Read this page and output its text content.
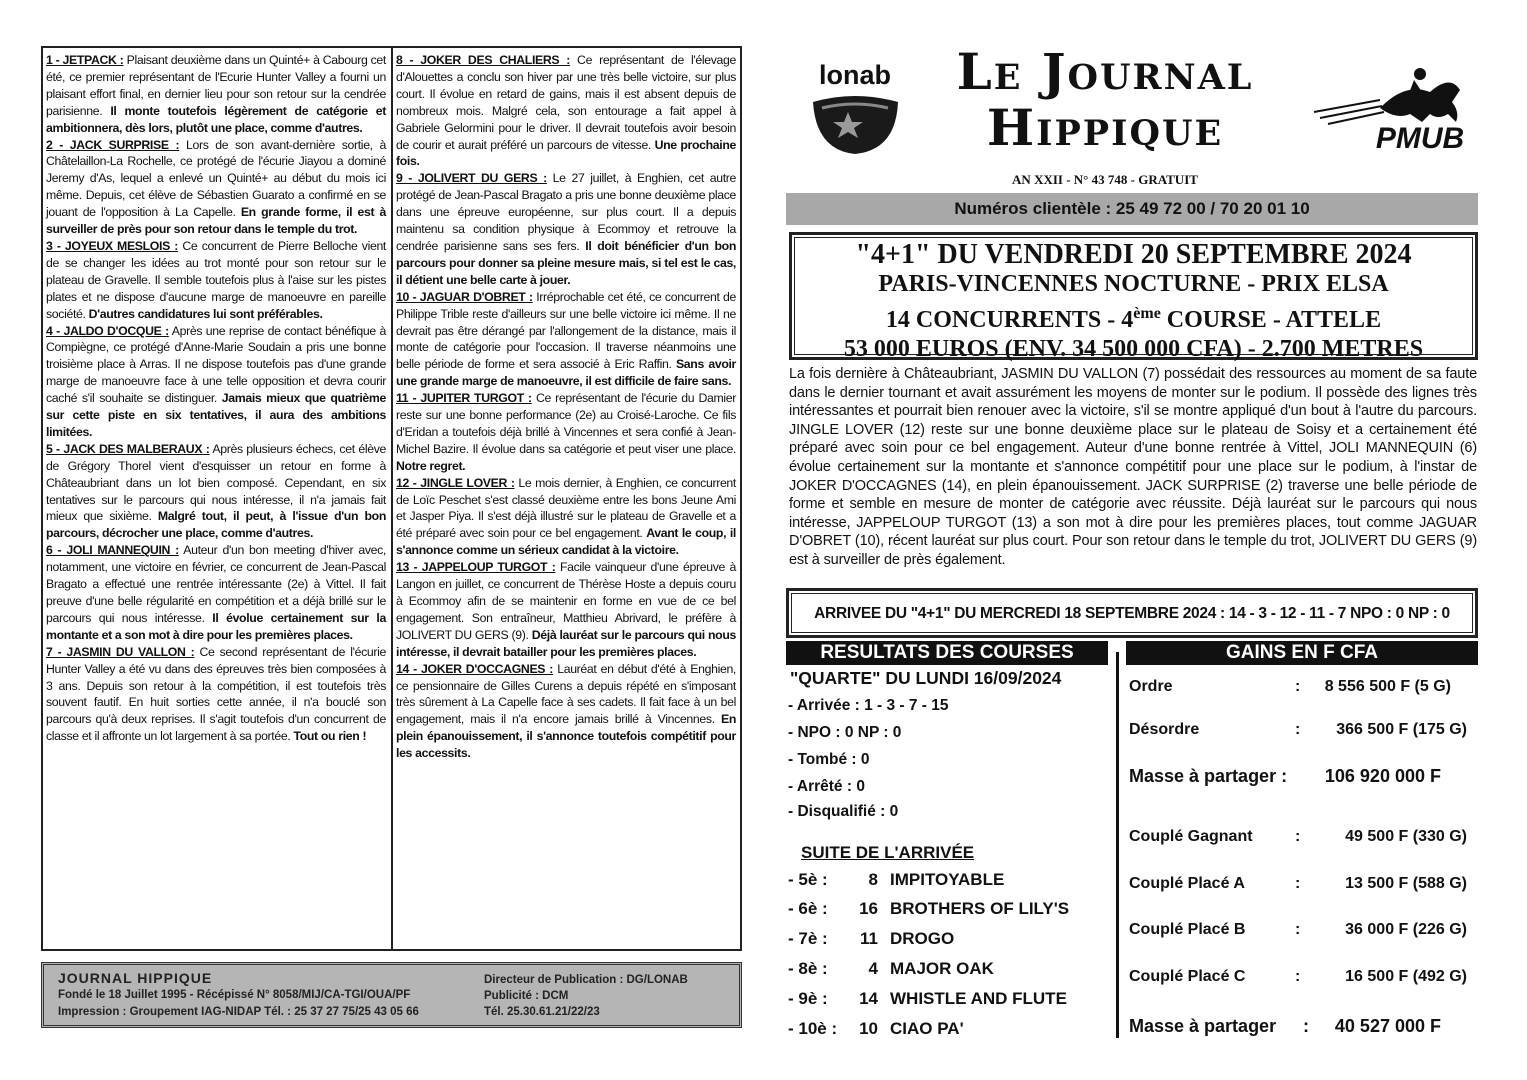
1 - JETPACK : Plaisant deuxième dans un Quinté+ à Cabourg cet été, ce premier représentant de l'Ecurie Hunter Valley a fourni un plaisant effort final, en dernier lieu pour son retour sur la cendrée parisienne. Il monte toutefois légèrement de catégorie et ambitionnera, dès lors, plutôt une place, comme d'autres.

2 - JACK SURPRISE : Lors de son avant-dernière sortie, à Châtelaillon-La Rochelle, ce protégé de l'écurie Jiayou a dominé Jeremy d'As, lequel a enlevé un Quinté+ au début du mois ici même. Depuis, cet élève de Sébastien Guarato a confirmé en se jouant de l'opposition à La Capelle. En grande forme, il est à surveiller de près pour son retour dans le temple du trot.

3 - JOYEUX MESLOIS : Ce concurrent de Pierre Belloche vient de se changer les idées au trot monté pour son retour sur le plateau de Gravelle. Il semble toutefois plus à l'aise sur les pistes plates et ne dispose d'aucune marge de manoeuvre en pareille société. D'autres candidatures lui sont préférables.

4 - JALDO D'OCQUE : Après une reprise de contact bénéfique à Compiègne, ce protégé d'Anne-Marie Soudain a pris une bonne troisième place à Arras. Il ne dispose toutefois pas d'une grande marge de manoeuvre face à une telle opposition et devra courir caché s'il souhaite se distinguer. Jamais mieux que quatrième sur cette piste en six tentatives, il aura des ambitions limitées.

5 - JACK DES MALBERAUX : Après plusieurs échecs, cet élève de Grégory Thorel vient d'esquisser un retour en forme à Châteaubriant dans un lot bien composé. Cependant, en six tentatives sur le parcours qui nous intéresse, il n'a jamais fait mieux que sixième. Malgré tout, il peut, à l'issue d'un bon parcours, décrocher une place, comme d'autres.

6 - JOLI MANNEQUIN : Auteur d'un bon meeting d'hiver avec, notamment, une victoire en février, ce concurrent de Jean-Pascal Bragato a effectué une rentrée intéressante (2e) à Vittel. Il fait preuve d'une belle régularité en compétition et a déjà brillé sur le parcours qui nous intéresse. Il évolue certainement sur la montante et a son mot à dire pour les premières places.

7 - JASMIN DU VALLON : Ce second représentant de l'écurie Hunter Valley a été vu dans des épreuves très bien composées à 3 ans. Depuis son retour à la compétition, il est toutefois très souvent fautif. En huit sorties cette année, il n'a bouclé son parcours qu'à deux reprises. Il s'agit toutefois d'un concurrent de classe et il affronte un lot largement à sa portée. Tout ou rien !

8 - JOKER DES CHALIERS : Ce représentant de l'élevage d'Alouettes a conclu son hiver par une très belle victoire, sur plus court. Il évolue en retard de gains, mais il est absent depuis de nombreux mois. Malgré cela, son entourage a fait appel à Gabriele Gelormini pour le driver. Il devrait toutefois avoir besoin de courir et aurait préféré un parcours de vitesse. Une prochaine fois.

9 - JOLIVERT DU GERS : Le 27 juillet, à Enghien, cet autre protégé de Jean-Pascal Bragato a pris une bonne deuxième place dans une épreuve européenne, sur plus court. Il a depuis maintenu sa condition physique à Ecommoy et retrouve la cendrée parisienne sans ses fers. Il doit bénéficier d'un bon parcours pour donner sa pleine mesure mais, si tel est le cas, il détient une belle carte à jouer.

10 - JAGUAR D'OBRET : Irréprochable cet été, ce concurrent de Philippe Trible reste d'ailleurs sur une belle victoire ici même. Il ne devrait pas être dérangé par l'allongement de la distance, mais il monte de catégorie pour l'occasion. Il traverse néanmoins une belle période de forme et sera associé à Eric Raffin. Sans avoir une grande marge de manoeuvre, il est difficile de faire sans.

11 - JUPITER TURGOT : Ce représentant de l'écurie du Damier reste sur une bonne performance (2e) au Croisé-Laroche. Ce fils d'Eridan a toutefois déjà brillé à Vincennes et sera confié à Jean-Michel Bazire. Il évolue dans sa catégorie et peut viser une place. Notre regret.

12 - JINGLE LOVER : Le mois dernier, à Enghien, ce concurrent de Loïc Peschet s'est classé deuxième entre les bons Jeune Ami et Jasper Piya. Il s'est déjà illustré sur le plateau de Gravelle et a été préparé avec soin pour ce bel engagement. Avant le coup, il s'annonce comme un sérieux candidat à la victoire.

13 - JAPPELOUP TURGOT : Facile vainqueur d'une épreuve à Langon en juillet, ce concurrent de Thérèse Hoste a depuis couru à Ecommoy afin de se maintenir en forme en vue de ce bel engagement. Son entraîneur, Matthieu Abrivard, le préfère à JOLIVERT DU GERS (9). Déjà lauréat sur le parcours qui nous intéresse, il devrait batailler pour les premières places.

14 - JOKER D'OCCAGNES : Lauréat en début d'été à Enghien, ce pensionnaire de Gilles Curens a depuis répété en s'imposant très sûrement à La Capelle face à ses cadets. Il fait face à un bel engagement, mais il n'a encore jamais brillé à Vincennes. En plein épanouissement, il s'annonce toutefois compétitif pour les accessits.

JOURNAL HIPPIQUE
Fondé le 18 Juillet 1995 - Récépissé N° 8058/MIJ/CA-TGI/OUA/PF
Impression : Groupement IAG-NIDAP Tél. : 25 37 27 75/25 43 05 66
Directeur de Publication : DG/LONAB
Publicité : DCM
Tél. 25.30.61.21/22/23
lonab	Le Journal
Hippique	PMUB
AN XXII - N° 43 748 - GRATUIT
Numéros clientèle : 25 49 72 00 / 70 20 01 10
"4+1" DU VENDREDI 20 SEPTEMBRE 2024
PARIS-VINCENNES NOCTURNE - PRIX ELSA
14 CONCURRENTS - 4ème COURSE - ATTELE
53 000 EUROS (ENV. 34 500 000 CFA) - 2.700 METRES
La fois dernière à Châteaubriant, JASMIN DU VALLON (7) possédait des ressources au moment de sa faute dans le dernier tournant et avait assurément les moyens de monter sur le podium. Il possède des lignes très intéressantes et pourrait bien renouer avec la victoire, s'il se montre appliqué d'un bout à l'autre du parcours. JINGLE LOVER (12) reste sur une bonne deuxième place sur le plateau de Soisy et a certainement été préparé avec soin pour ce bel engagement. Auteur d'une bonne rentrée à Vittel, JOLI MANNEQUIN (6) évolue certainement sur la montante et s'annonce compétitif pour une place sur le podium, à l'instar de JOKER D'OCCAGNES (14), en plein épanouissement. JACK SURPRISE (2) traverse une belle période de forme et semble en mesure de monter de catégorie avec réussite. Déjà lauréat sur le parcours qui nous intéresse, JAPPELOUP TURGOT (13) a son mot à dire pour les premières places, tout comme JAGUAR D'OBRET (10), récent lauréat sur plus court. Pour son retour dans le temple du trot, JOLIVERT DU GERS (9) est à surveiller de près également.
ARRIVEE DU "4+1" DU MERCREDI 18 SEPTEMBRE 2024 : 14 - 3 - 12 - 11 - 7 NPO : 0 NP : 0
RESULTATS DES COURSES	GAINS EN F CFA
"QUARTE" DU LUNDI 16/09/2024
- Arrivée : 1 - 3 - 7 - 15
- NPO : 0 NP : 0
- Tombé : 0
- Arrêté : 0
- Disqualifié : 0
SUITE DE L'ARRIVÉE
- 5è : 8 IMPITOYABLE
- 6è : 16 BROTHERS OF LILY'S
- 7è : 11 DROGO
- 8è : 4 MAJOR OAK
- 9è : 14 WHISTLE AND FLUTE
- 10è : 10 CIAO PA'
Ordre	: 8 556 500 F (5 G)
Désordre	: 366 500 F (175 G)
Masse à partager : 106 920 000 F
Couplé Gagnant	:	49 500 F (330 G)
Couplé Placé A	:	13 500 F (588 G)
Couplé Placé B	:	36 000 F (226 G)
Couplé Placé C	:	16 500 F (492 G)
Masse à partager : 40 527 000 F
